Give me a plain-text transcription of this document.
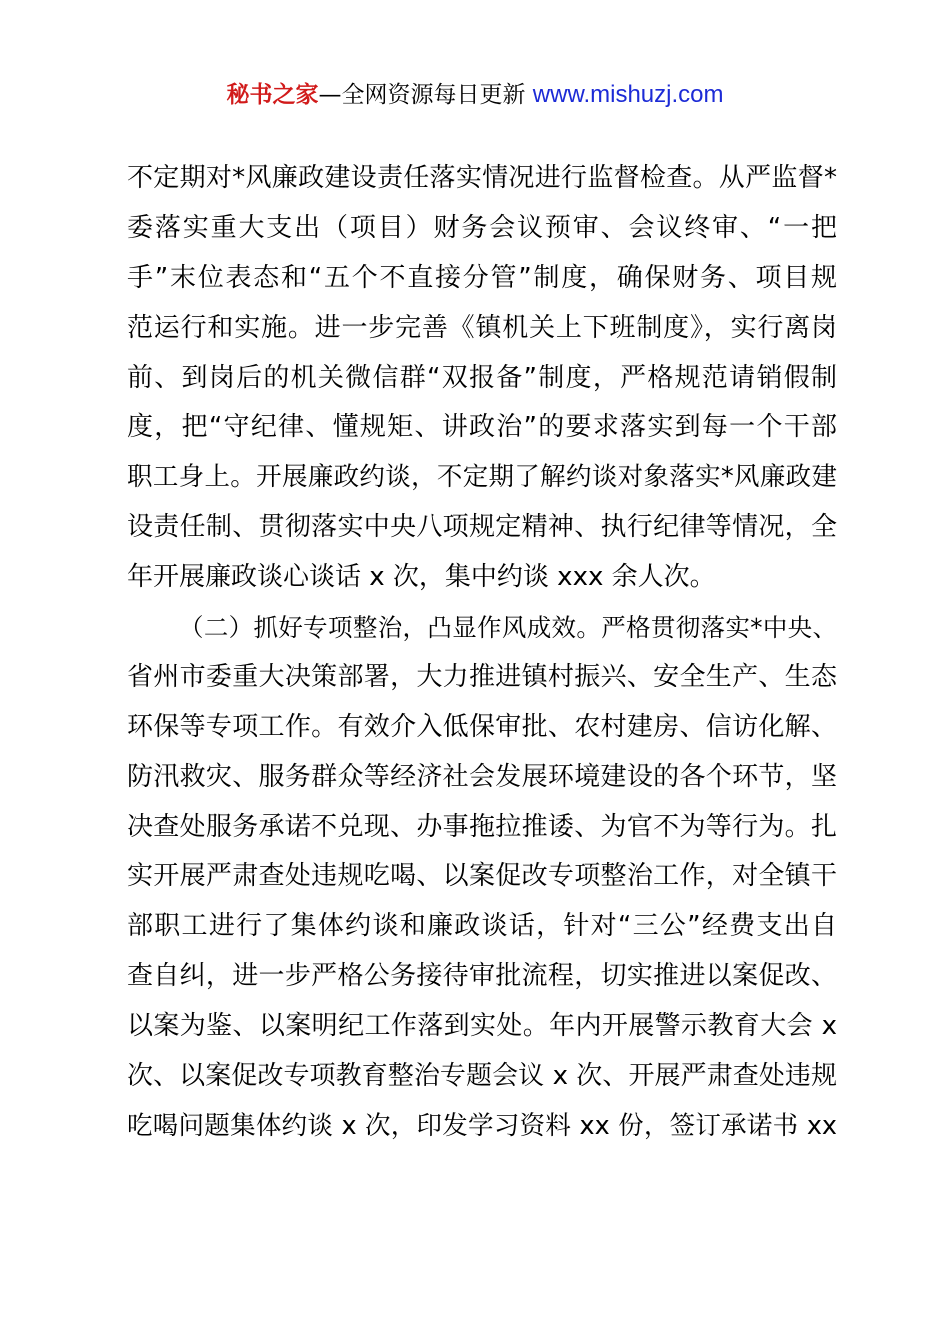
秘书之家—全网资源每日更新 www.mishuzj.com
不定期对*风廉政建设责任落实情况进行监督检查。从严监督*
委落实重大支出（项目）财务会议预审、会议终审、“一把
手”末位表态和“五个不直接分管”制度，确保财务、项目规
范运行和实施。进一步完善《镇机关上下班制度》，实行离岗
前、到岗后的机关微信群“双报备”制度，严格规范请销假制
度，把“守纪律、懂规矩、讲政治”的要求落实到每一个干部
职工身上。开展廉政约谈，不定期了解约谈对象落实*风廉政建
设责任制、贯彻落实中央八项规定精神、执行纪律等情况，全
年开展廉政谈心谈话 x 次，集中约谈 xxx 余人次。
（二）抓好专项整治，凸显作风成效。严格贯彻落实*中央、
省州市委重大决策部署，大力推进镇村振兴、安全生产、生态
环保等专项工作。有效介入低保审批、农村建房、信访化解、
防汛救灾、服务群众等经济社会发展环境建设的各个环节，坚
决查处服务承诺不兑现、办事拖拉推诿、为官不为等行为。扎
实开展严肃查处违规吃喝、以案促改专项整治工作，对全镇干
部职工进行了集体约谈和廉政谈话，针对“三公”经费支出自
查自纠，进一步严格公务接待审批流程，切实推进以案促改、
以案为鉴、以案明纪工作落到实处。年内开展警示教育大会 x
次、以案促改专项教育整治专题会议 x 次、开展严肃查处违规
吃喝问题集体约谈 x 次，印发学习资料 xx 份，签订承诺书 xx
